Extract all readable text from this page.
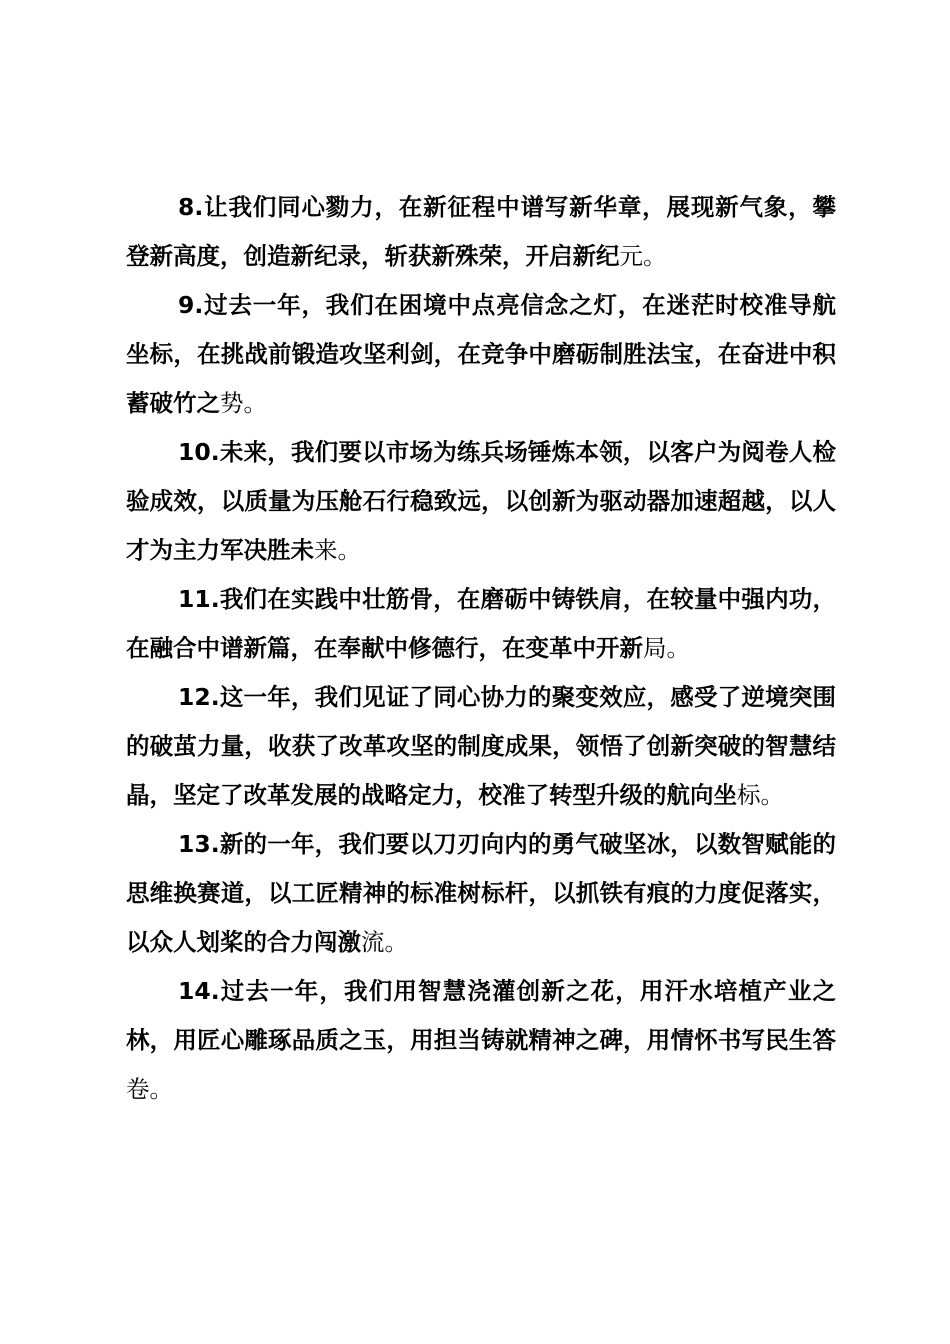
8.让我们同心勠力，在新征程中谱写新华章，展现新气象，攀登新高度，创造新纪录，斩获新殊荣，开启新纪元。

9.过去一年，我们在困境中点亮信念之灯，在迷茫时校准导航坐标，在挑战前锻造攻坚利剑，在竞争中磨砺制胜法宝，在奋进中积蓄破竹之势。

10.未来，我们要以市场为练兵场锤炼本领，以客户为阅卷人检验成效，以质量为压舱石行稳致远，以创新为驱动器加速超越，以人才为主力军决胜未来。

11.我们在实践中壮筋骨，在磨砺中铸铁肩，在较量中强内功，在融合中谱新篇，在奉献中修德行，在变革中开新局。

12.这一年，我们见证了同心协力的聚变效应，感受了逆境突围的破茧力量，收获了改革攻坚的制度成果，领悟了创新突破的智慧结晶，坚定了改革发展的战略定力，校准了转型升级的航向坐标。

13.新的一年，我们要以刀刃向内的勇气破坚冰，以数智赋能的思维换赛道，以工匠精神的标准树标杆，以抓铁有痕的力度促落实，以众人划桨的合力闯激流。

14.过去一年，我们用智慧浇灌创新之花，用汗水培植产业之林，用匠心雕琢品质之玉，用担当铸就精神之碑，用情怀书写民生答卷。
